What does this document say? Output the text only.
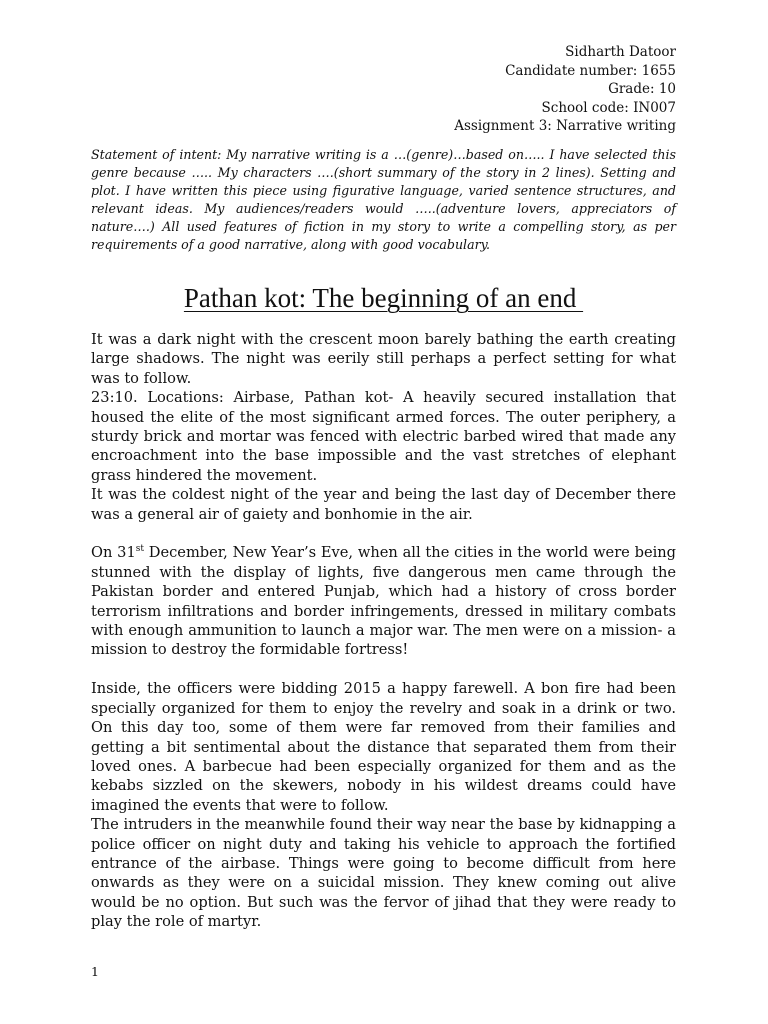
Sidharth Datoor
Candidate number: 1655
Grade: 10
School code: IN007
Assignment 3: Narrative writing
Statement of intent: My narrative writing is a …(genre)…based on….. I have selected this genre because ….. My characters ….(short summary of the story in 2 lines). Setting and plot. I have written this piece using figurative language, varied sentence structures, and relevant ideas. My audiences/readers would …..(adventure lovers, appreciators of nature….) All used features of fiction in my story to write a compelling story, as per requirements of a good narrative, along with good vocabulary.
Pathan kot: The beginning of an end

It was a dark night with the crescent moon barely bathing the earth creating large shadows. The night was eerily still perhaps a perfect setting for what was to follow.

23:10. Locations: Airbase, Pathan kot- A heavily secured installation that housed the elite of the most significant armed forces. The outer periphery, a sturdy brick and mortar was fenced with electric barbed wired that made any encroachment into the base impossible and the vast stretches of elephant grass hindered the movement.

It was the coldest night of the year and being the last day of December there was a general air of gaiety and bonhomie in the air.

On 31st December, New Year’s Eve, when all the cities in the world were being stunned with the display of lights, five dangerous men came through the Pakistan border and entered Punjab, which had a history of cross border terrorism infiltrations and border infringements, dressed in military combats with enough ammunition to launch a major war. The men were on a mission- a mission to destroy the formidable fortress!

Inside, the officers were bidding 2015 a happy farewell. A bon fire had been specially organized for them to enjoy the revelry and soak in a drink or two. On this day too, some of them were far removed from their families and getting a bit sentimental about the distance that separated them from their loved ones. A barbecue had been especially organized for them and as the kebabs sizzled on the skewers, nobody in his wildest dreams could have imagined the events that were to follow.

The intruders in the meanwhile found their way near the base by kidnapping a police officer on night duty and taking his vehicle to approach the fortified entrance of the airbase. Things were going to become difficult from here onwards as they were on a suicidal mission. They knew coming out alive would be no option. But such was the fervor of jihad that they were ready to play the role of martyr.

1
